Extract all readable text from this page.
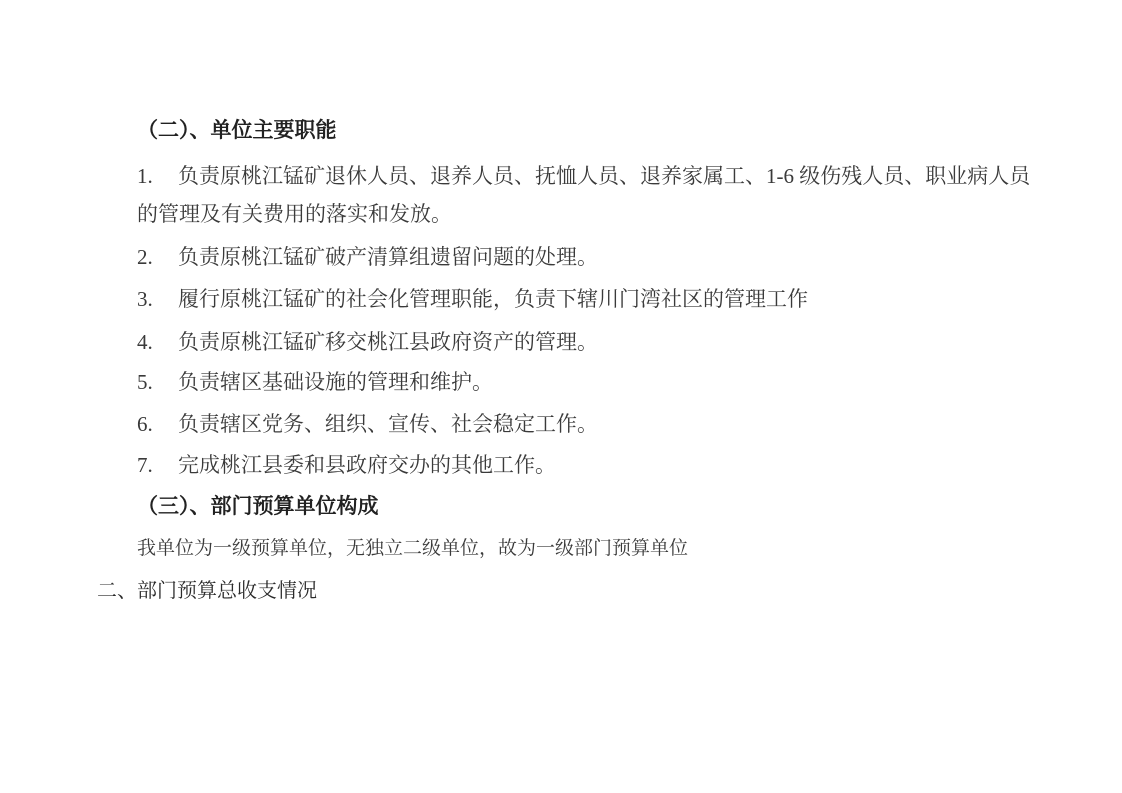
（二）、单位主要职能
1. 负责原桃江锰矿退休人员、退养人员、抚恤人员、退养家属工、1-6 级伤残人员、职业病人员
的管理及有关费用的落实和发放。
2. 负责原桃江锰矿破产清算组遗留问题的处理。
3. 履行原桃江锰矿的社会化管理职能，负责下辖川门湾社区的管理工作
4. 负责原桃江锰矿移交桃江县政府资产的管理。
5. 负责辖区基础设施的管理和维护。
6. 负责辖区党务、组织、宣传、社会稳定工作。
7. 完成桃江县委和县政府交办的其他工作。
（三）、部门预算单位构成
我单位为一级预算单位，无独立二级单位，故为一级部门预算单位
二、部门预算总收支情况
